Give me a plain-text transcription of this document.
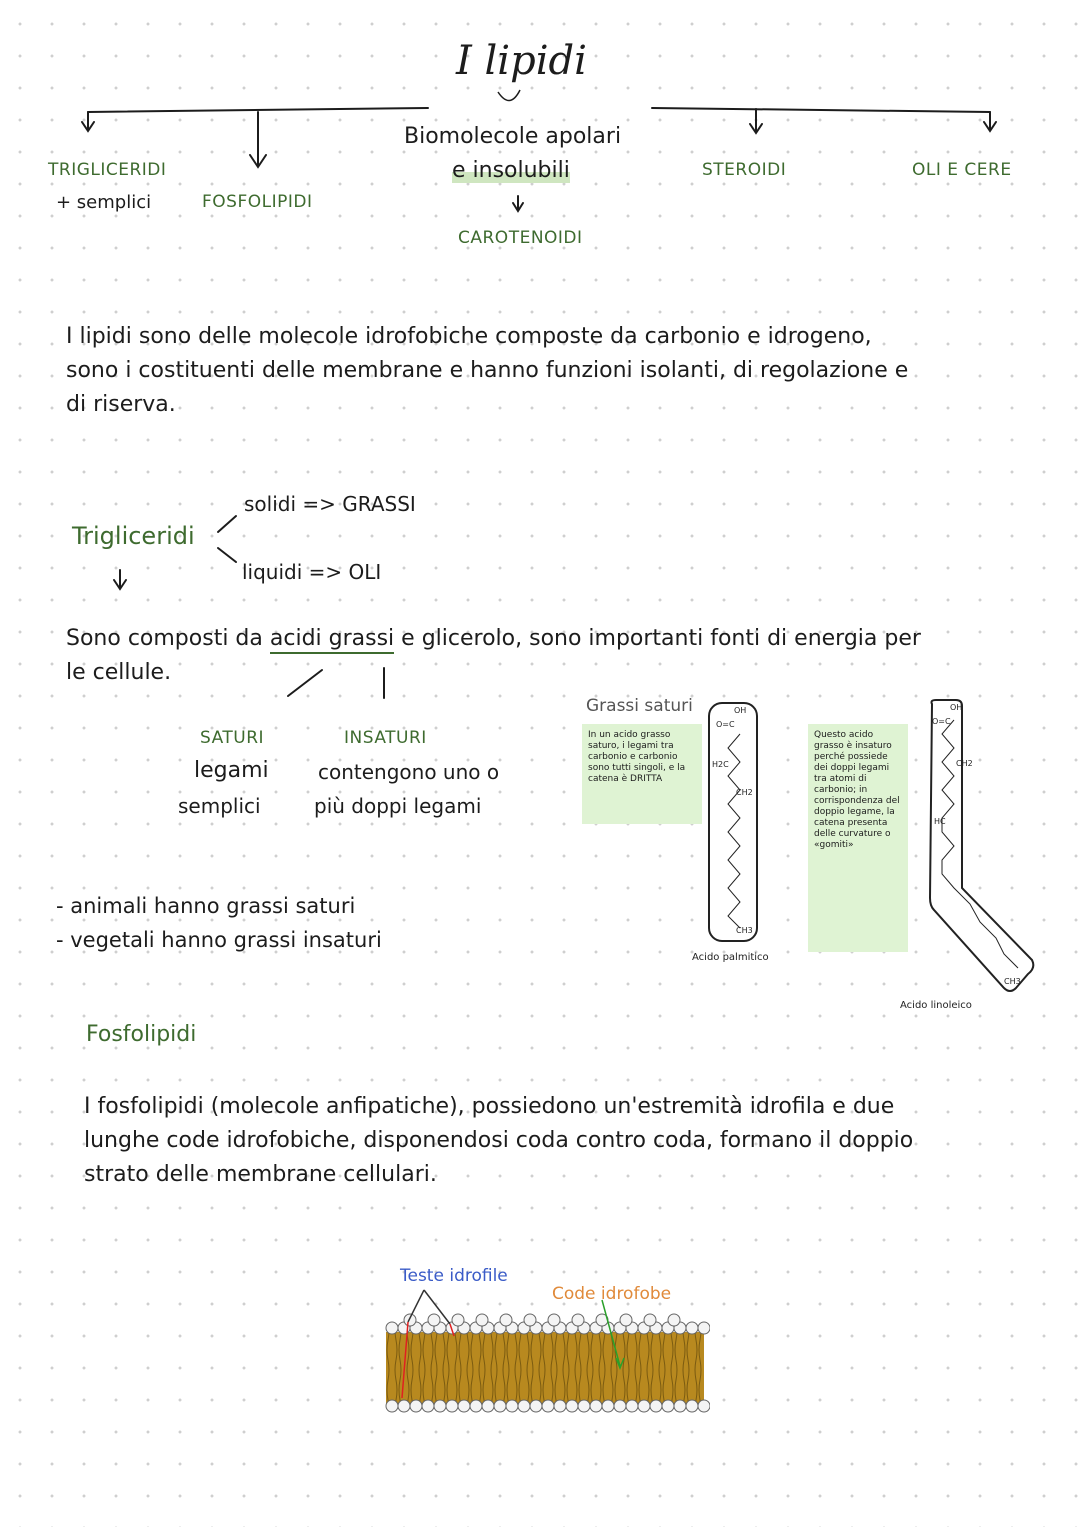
I lipidi
Biomolecole apolari
e insolubili
CAROTENOIDI
TRIGLICERIDI
+ semplici	FOSFOLIPIDI
STEROIDI	OLI E CERE

I lipidi sono delle molecole idrofobiche composte da carbonio e idrogeno,

sono i costituenti delle membrane e hanno funzioni isolanti, di regolazione e

di riserva.

Trigliceridi
solidi => GRASSI
liquidi => OLI

Sono composti da acidi grassi e glicerolo, sono importanti fonti di energia per

le cellule.

SATURI
legami
semplici
INSATURI
contengono uno o
più doppi legami
- animali hanno grassi saturi
- vegetali hanno grassi insaturi
Grassi saturi
In un acido grasso saturo, i legami tra carbonio e carbonio sono tutti singoli, e la catena è DRITTA
OH
O=C
H2C
CH2
CH3
Acido palmitico
Questo acido grasso è insaturo perché possiede dei doppi legami tra atomi di carbonio; in corrispondenza del doppio legame, la catena presenta delle curvature o «gomiti»
OH
O=C
HC
CH2
CH3
Acido linoleico
Fosfolipidi

I fosfolipidi (molecole anfipatiche), possiedono un'estremità idrofila e due

lunghe code idrofobiche, disponendosi coda contro coda, formano il doppio

strato delle membrane cellulari.

Teste idrofile
Code idrofobe
